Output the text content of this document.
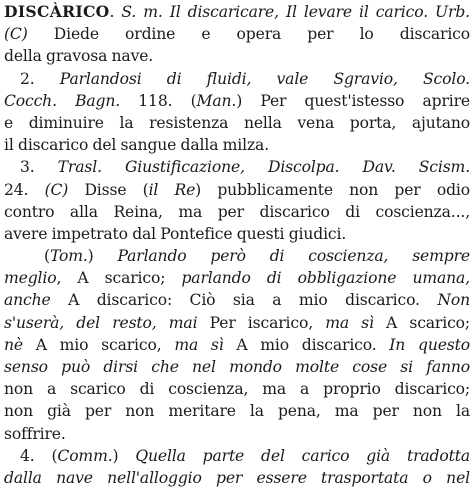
DISCÀRICO. S. m. Il discaricare, Il levare il carico. Urb.
(C) Diede ordine e opera per lo discarico
della gravosa nave.
2. Parlandosi di fluidi, vale Sgravio, Scolo.
Cocch. Bagn. 118. (Man.) Per quest'istesso aprire
e diminuire la resistenza nella vena porta, ajutano
il discarico del sangue dalla milza.
3. Trasl. Giustificazione, Discolpa. Dav. Scism.
24. (C) Disse (il Re) pubblicamente non per odio
contro alla Reina, ma per discarico di coscienza...,
avere impetrato dal Pontefice questi giudici.
(Tom.) Parlando però di coscienza, sempre
meglio, A scarico; parlando di obbligazione umana,
anche A discarico: Ciò sia a mio discarico. Non
s'userà, del resto, mai Per iscarico, ma sì A scarico;
nè A mio scarico, ma sì A mio discarico. In questo
senso può dirsi che nel mondo molte cose si fanno
non a scarico di coscienza, ma a proprio discarico;
non già per non meritare la pena, ma per non la
soffrire.
4. (Comm.) Quella parte del carico già tradotta
dalla nave nell'alloggio per essere trasportata o nel
